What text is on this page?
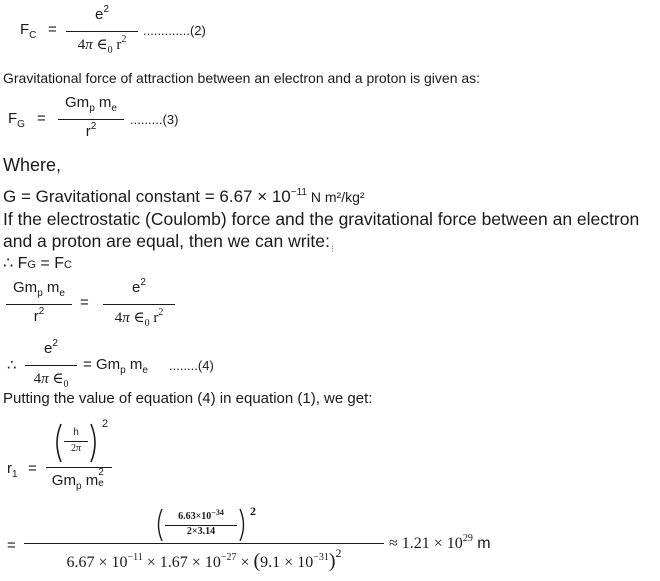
$F_C$ =
$e^2$
4π $\in_0$ $r^2$
.............(2)
Gravitational force of attraction between an electron and a proton is given as:
$F_G$ =
$Gm_p$ $m_e$
$r^2$	.........(3)
Where,
G = Gravitational constant = $6.67 \times 10^{-11}$ N m²/kg²
If the electrostatic (Coulomb) force and the gravitational force between an electron
and a proton are equal, then we can write: ⁝
∴ FG = FC
$Gm_p$ $m_e$
$r^2$
=
$e^2$
4π $\in_0$ $r^2$
∴
$e^2$
4π $\in_0$
= $Gm_p$ $m_e$ ........(4)
Putting the value of equation (4) in equation (1), we get:
$r_1$ =
h
2π
2
$Gm_p$ m 2
e
=
$6.63\times 10^{-34}$
2×3.14
2
$6.67 \times 10^{-11} \times 1.67 \times 10^{-27} \times (9.1 \times 10^{-31})^2$
≈ $1.21 \times 10^{29}$ m
